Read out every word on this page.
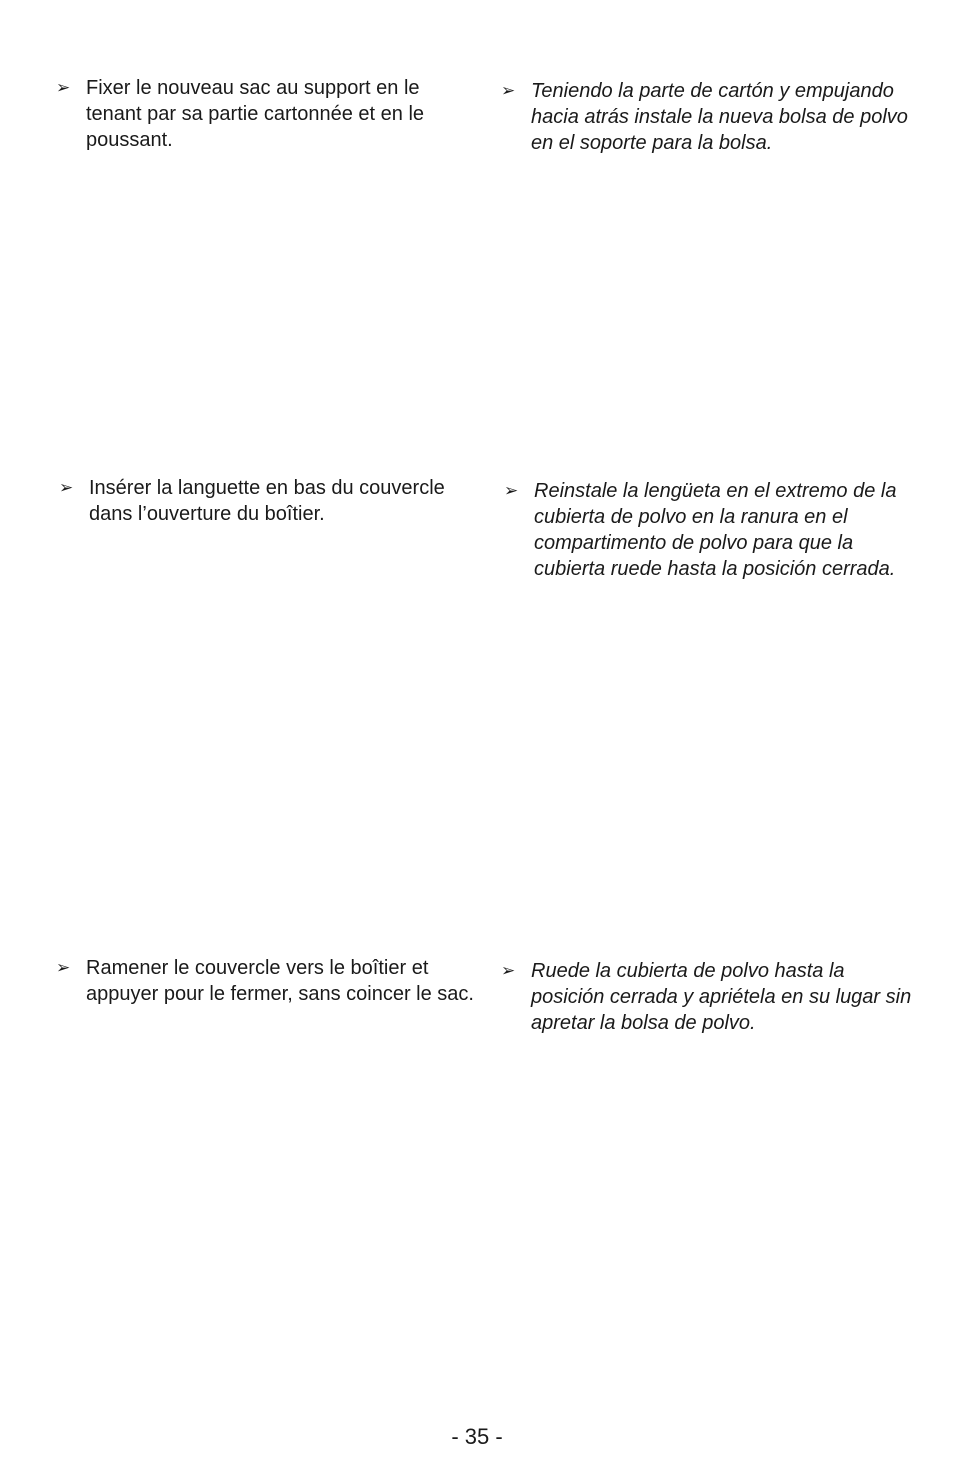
➢ Fixer le nouveau sac au support en le tenant par sa partie cartonnée et en le poussant.
➢ Teniendo la parte de cartón y empujando hacia atrás instale la nueva bolsa de polvo en el soporte para la bolsa.
➢ Insérer la languette en bas du couvercle dans l’ouverture du boîtier.
➢ Reinstale la lengüeta en el extremo de la cubierta de polvo en la ranura en el compartimento de polvo para que la cubierta ruede hasta la posición cerrada.
➢ Ramener le couvercle vers le boîtier et appuyer pour le fermer, sans coincer le sac.
➢ Ruede la cubierta de polvo hasta la posición cerrada y apriétela en su lugar sin apretar la bolsa de polvo.
- 35 -
